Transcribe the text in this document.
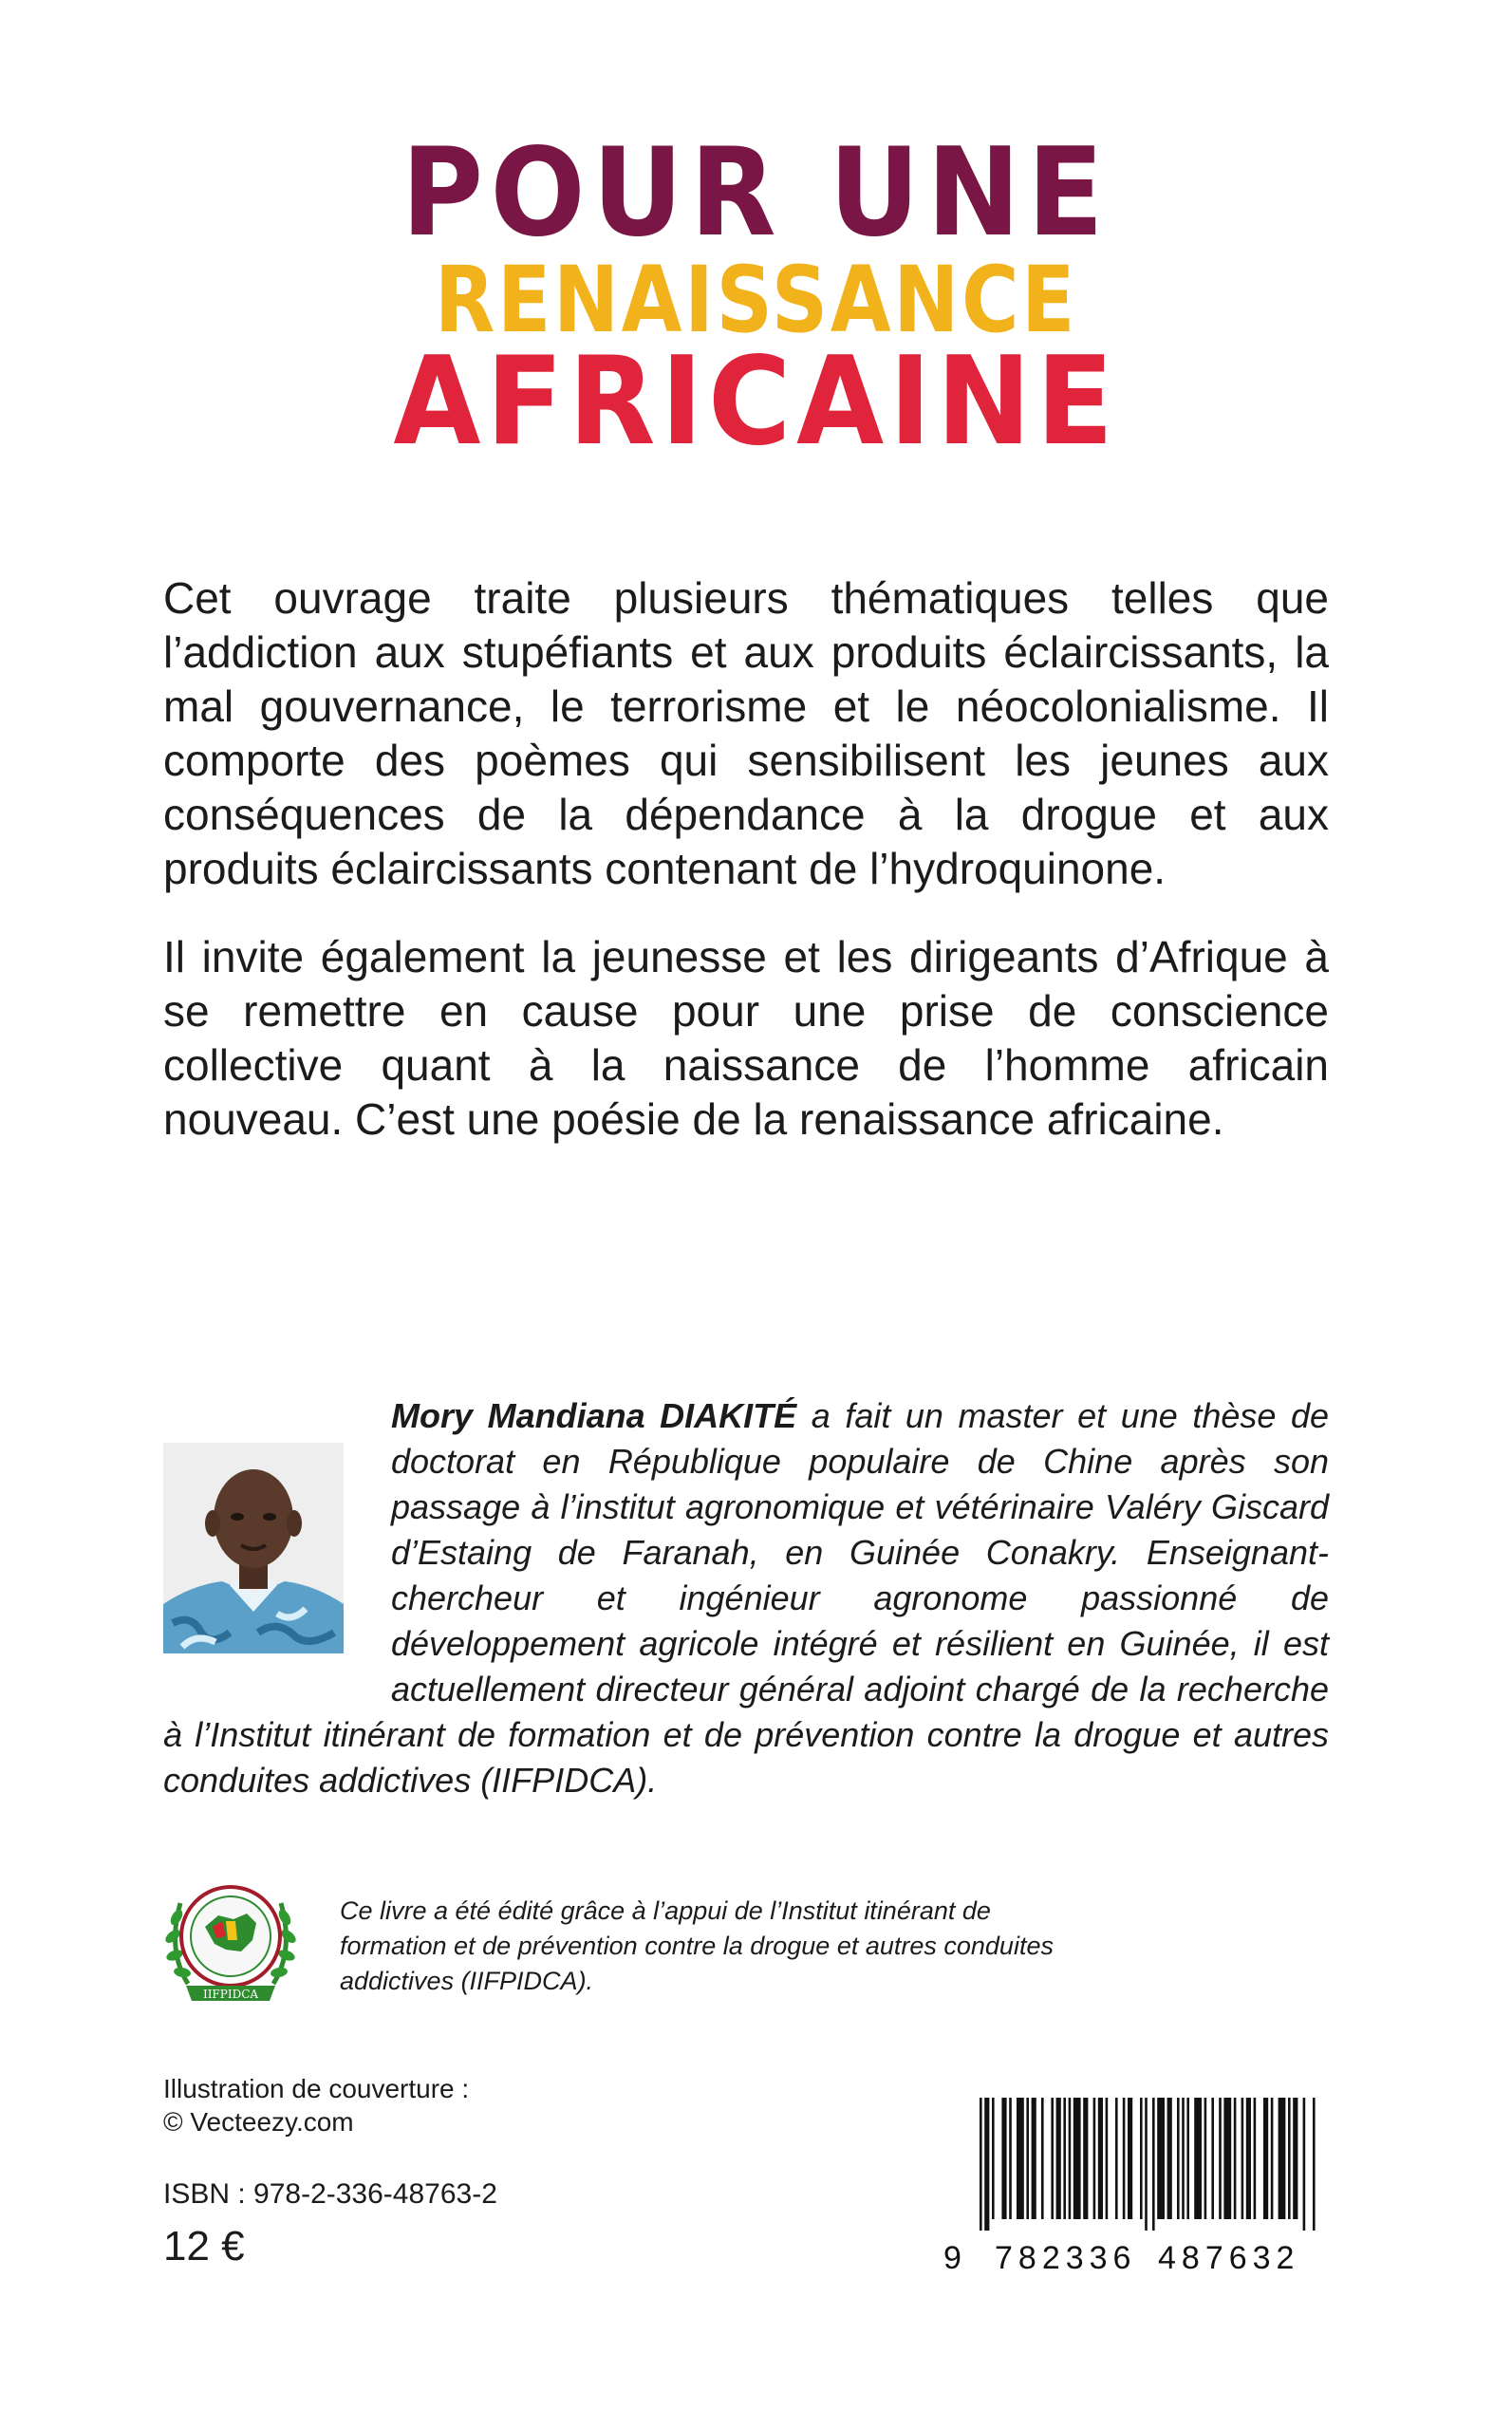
POUR UNE
RENAISSANCE
AFRICAINE

Cet ouvrage traite plusieurs thématiques telles que l’addiction aux stupéfiants et aux produits éclaircissants, la mal gouvernance, le terrorisme et le néocolonialisme. Il comporte des poèmes qui sensibilisent les jeunes aux conséquences de la dépendance à la drogue et aux produits éclaircissants contenant de l’hydroquinone.

Il invite également la jeunesse et les dirigeants d’Afrique à se remettre en cause pour une prise de conscience collective quant à la naissance de l’homme africain nouveau. C’est une poésie de la renaissance africaine.

Mory Mandiana DIAKITÉ a fait un master et une thèse de doctorat en République populaire de Chine après son passage à l’institut agronomique et vétérinaire Valéry Giscard d’Estaing de Faranah, en Guinée Conakry. Enseignant-chercheur et ingénieur agronome passionné de développement agricole intégré et résilient en Guinée, il est actuellement directeur général adjoint chargé de la recherche à l’Institut itinérant de formation et de prévention contre la drogue et autres conduites addictives (IIFPIDCA).

IIFPIDCA

Ce livre a été édité grâce à l’appui de l’Institut itinérant de formation et de prévention contre la drogue et autres conduites addictives (IIFPIDCA).

Illustration de couverture :
© Vecteezy.com
ISBN : 978-2-336-48763-2
12 €	9 782336 487632
